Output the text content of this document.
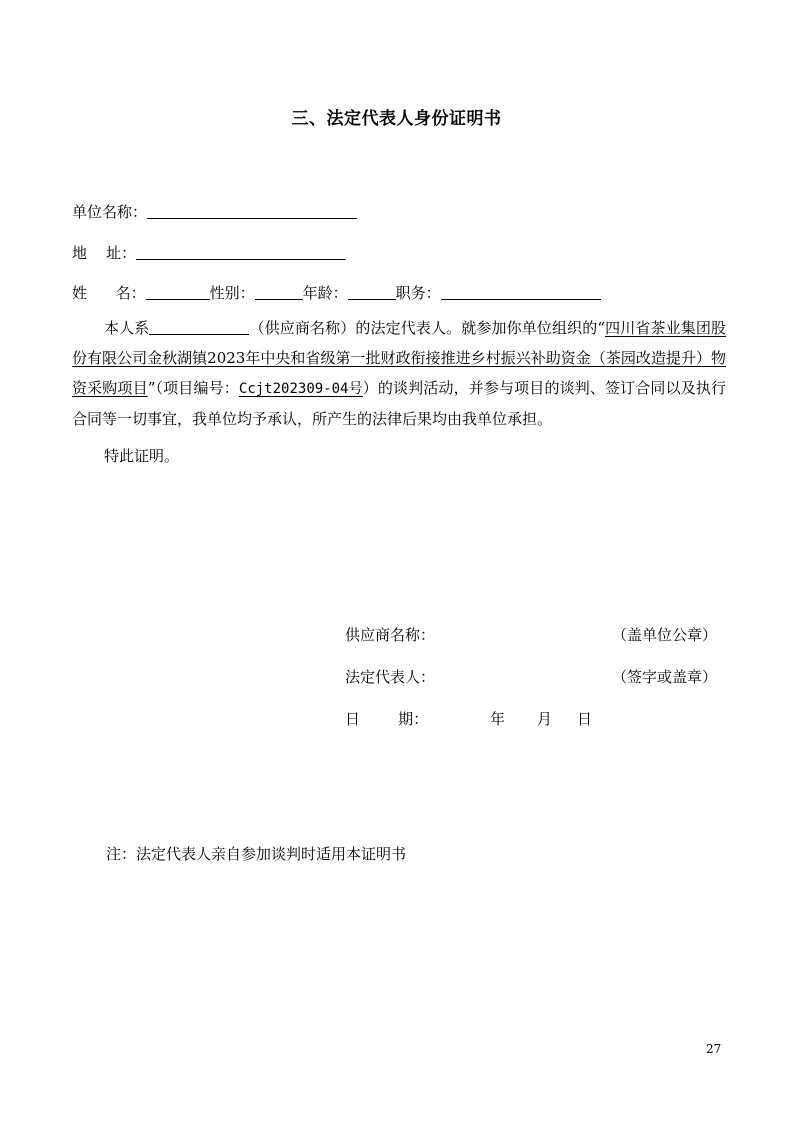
三、法定代表人身份证明书
单位名称：
地    址：
姓      名：	性别：	年龄：	职务：

本人系	（供应商名称）的法定代表人。就参加你单位组织的“四川省茶业集团股份有限公司金秋湖镇2023年中央和省级第一批财政衔接推进乡村振兴补助资金（茶园改造提升）物资采购项目”（项目编号：Ccjt202309-04号）的谈判活动，并参与项目的谈判、签订合同以及执行合同等一切事宜，我单位均予承认，所产生的法律后果均由我单位承担。

特此证明。

供应商名称：	（盖单位公章）
法定代表人：	（签字或盖章）
日        期：	年 月 日
注：法定代表人亲自参加谈判时适用本证明书
27
